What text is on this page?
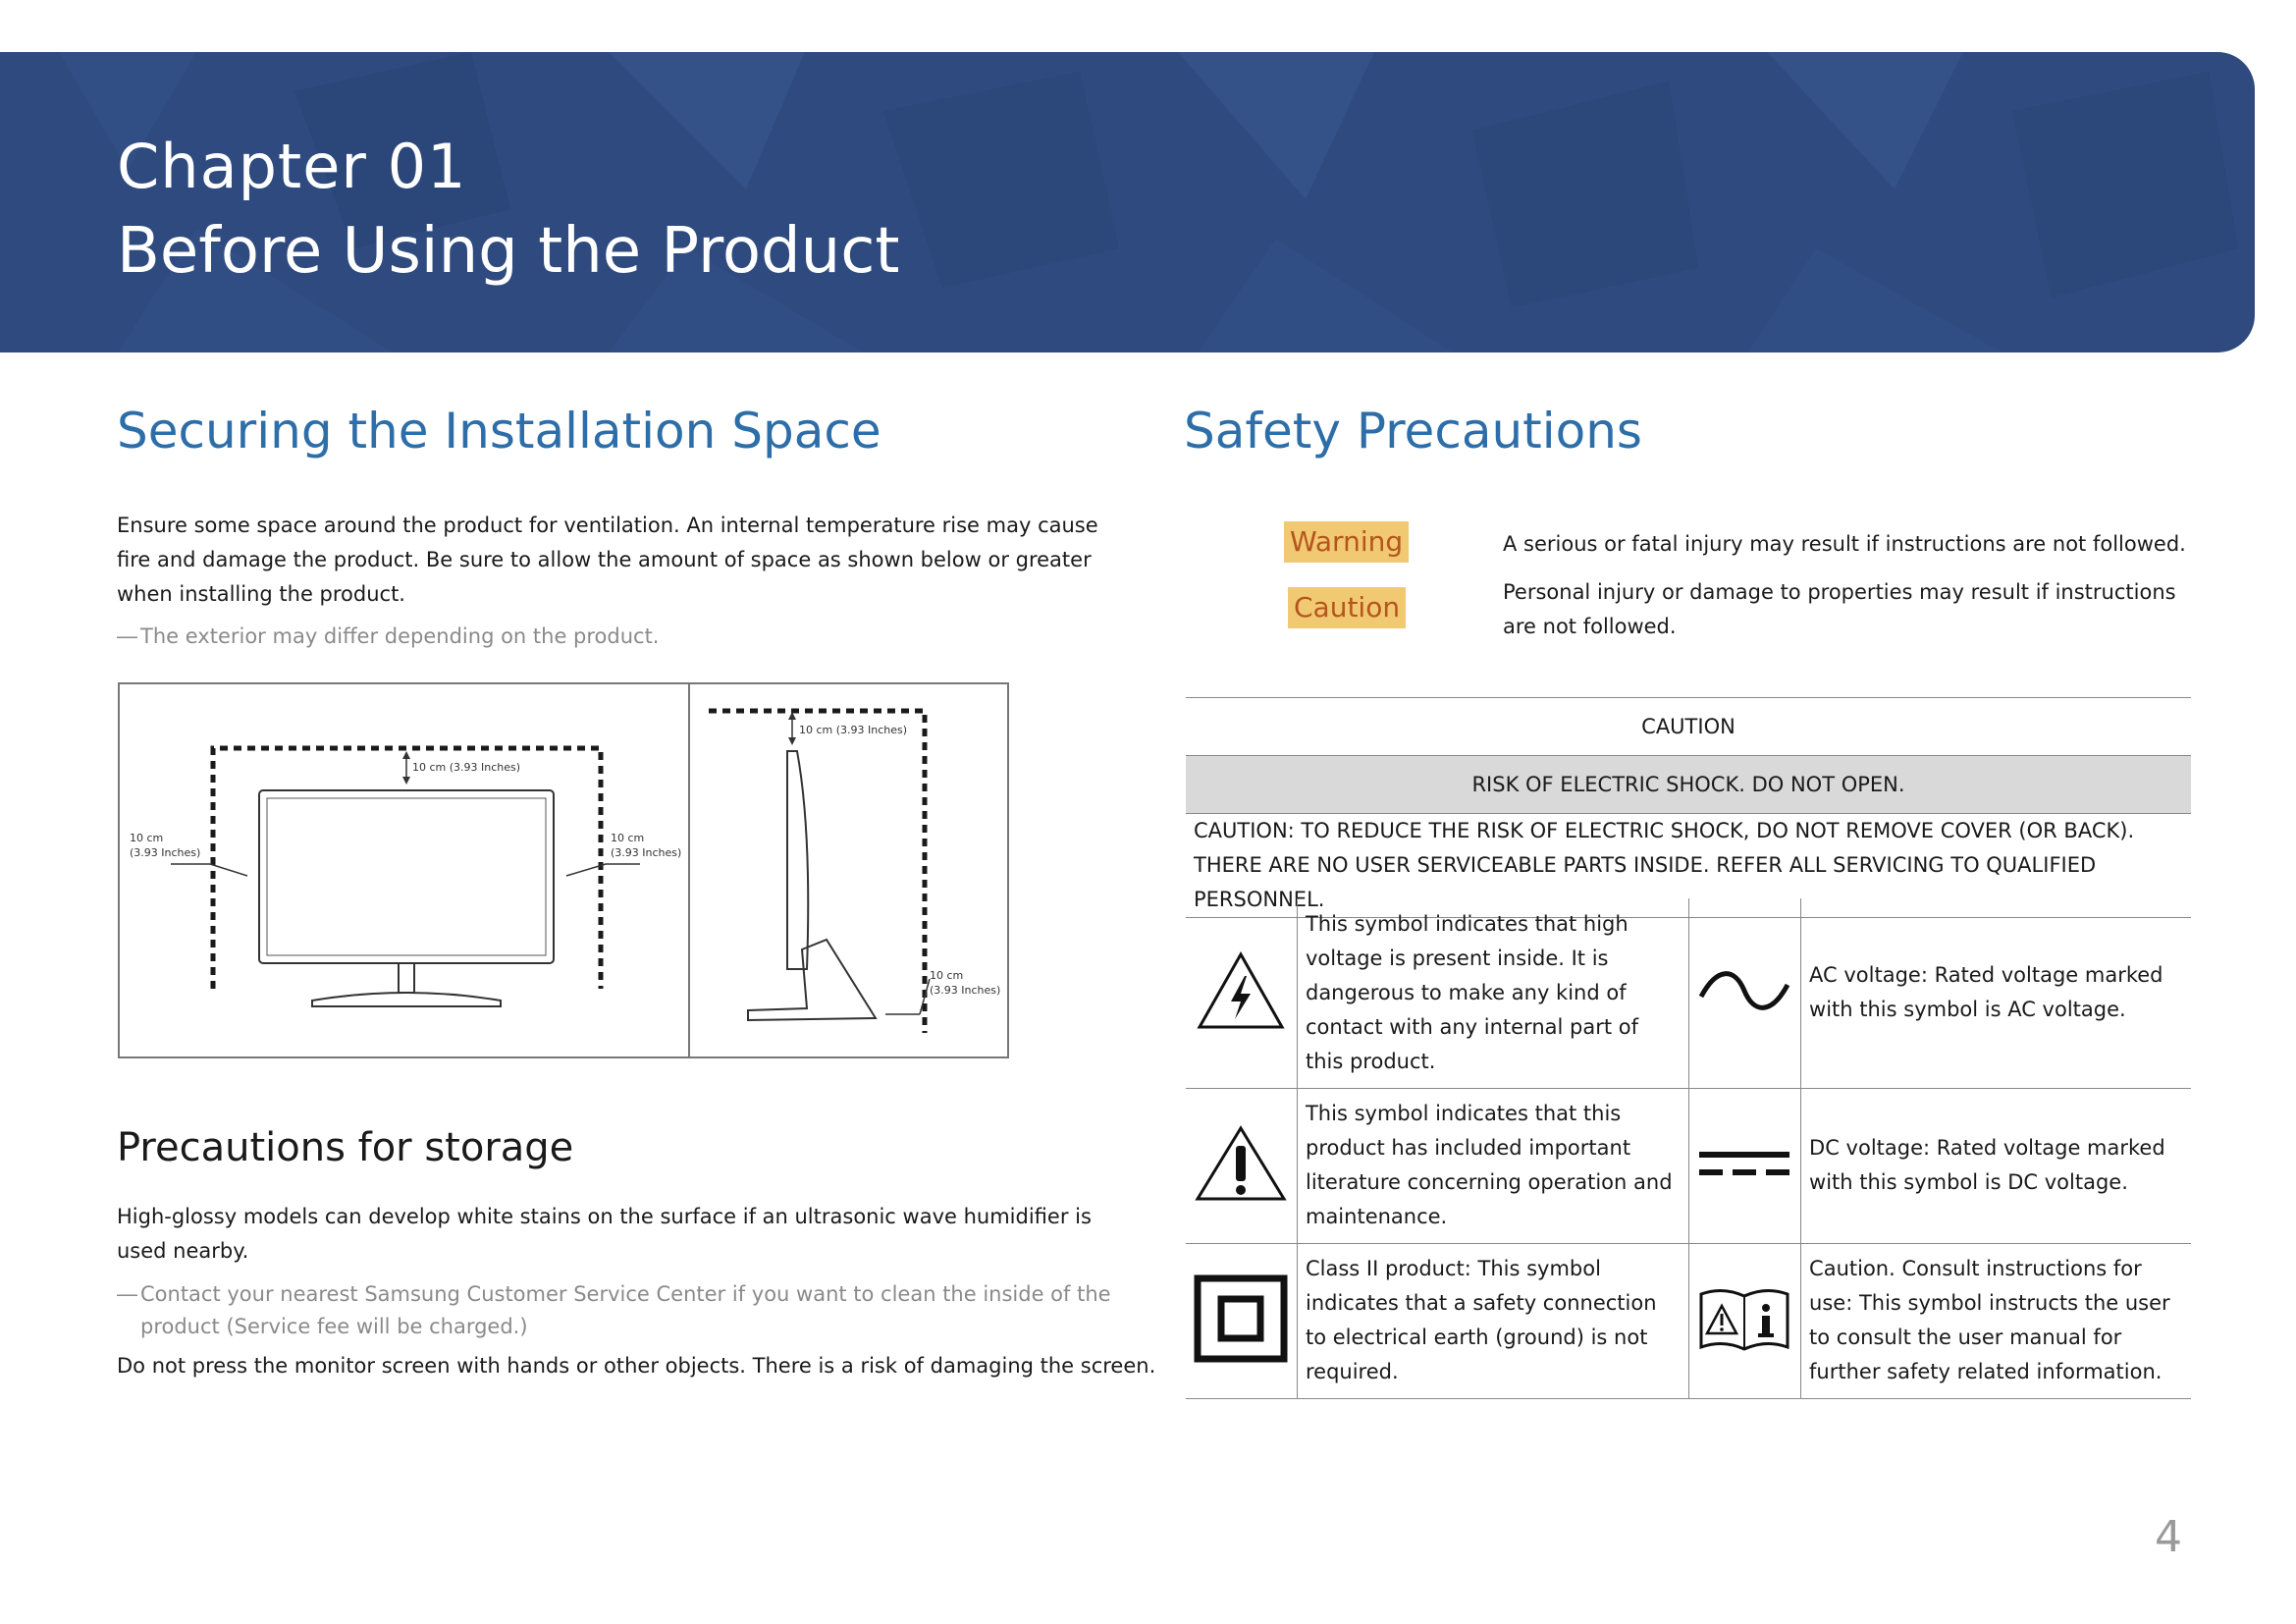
Chapter 01
Before Using the Product
Securing the Installation Space

Ensure some space around the product for ventilation. An internal temperature rise may cause fire and damage the product. Be sure to allow the amount of space as shown below or greater when installing the product.

― The exterior may differ depending on the product.

10 cm (3.93 Inches)
10 cm
(3.93 Inches)
10 cm
(3.93 Inches)
10 cm (3.93 Inches)
10 cm
(3.93 Inches)
Precautions for storage

High-glossy models can develop white stains on the surface if an ultrasonic wave humidifier is used nearby.

― Contact your nearest Samsung Customer Service Center if you want to clean the inside of the product (Service fee will be charged.)

Do not press the monitor screen with hands or other objects. There is a risk of damaging the screen.

Safety Precautions
Warning	A serious or fatal injury may result if instructions are not followed.

Caution	Personal injury or damage to properties may result if instructions are not followed.

CAUTION
RISK OF ELECTRIC SHOCK. DO NOT OPEN.
CAUTION: TO REDUCE THE RISK OF ELECTRIC SHOCK, DO NOT REMOVE COVER (OR BACK). THERE ARE NO USER SERVICEABLE PARTS INSIDE. REFER ALL SERVICING TO QUALIFIED PERSONNEL.
	This symbol indicates that high voltage is present inside. It is dangerous to make any kind of contact with any internal part of this product.		AC voltage: Rated voltage marked with this symbol is AC voltage.
	This symbol indicates that this product has included important literature concerning operation and maintenance.		DC voltage: Rated voltage marked with this symbol is DC voltage.
	Class II product: This symbol indicates that a safety connection to electrical earth (ground) is not required.		Caution. Consult instructions for use: This symbol instructs the user to consult the user manual for further safety related information.
4
